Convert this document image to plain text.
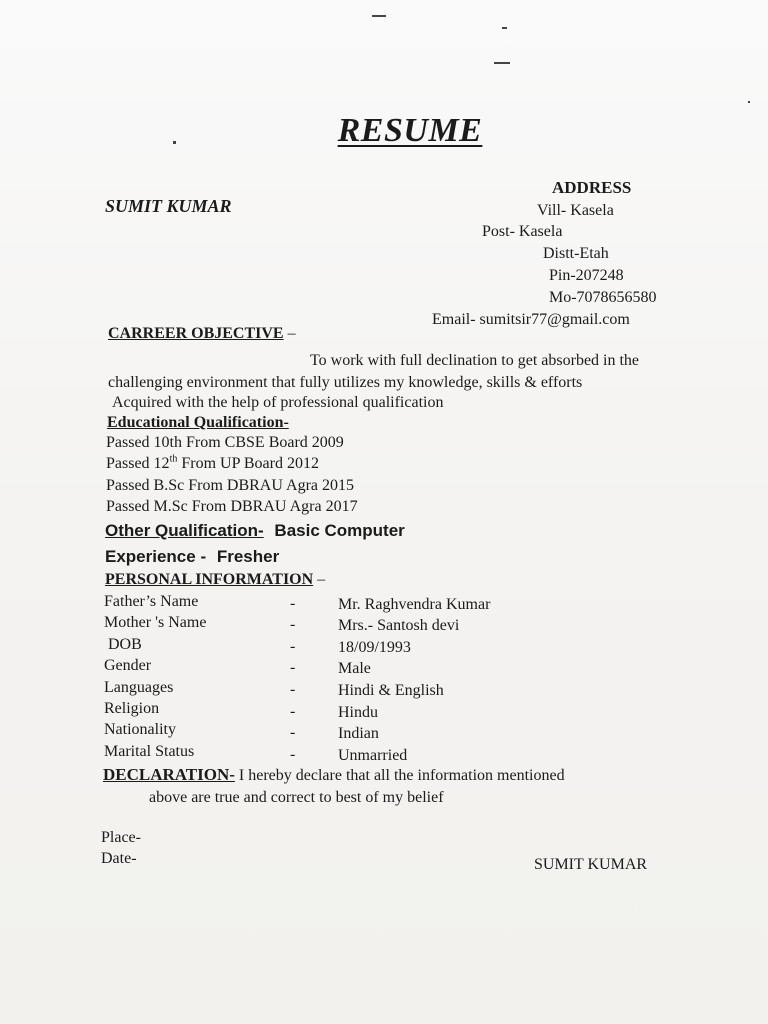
RESUME
SUMIT KUMAR
ADDRESS
Vill- Kasela
Post- Kasela
Distt-Etah
Pin-207248
Mo-7078656580
Email- sumitsir77@gmail.com
CARREER OBJECTIVE –
To work with full declination to get absorbed in the
challenging environment that fully utilizes my knowledge, skills & efforts
Acquired with the help of professional qualification
Educational Qualification-
Passed 10th From CBSE Board 2009
Passed 12th From UP Board 2012
Passed B.Sc From DBRAU Agra 2015
Passed M.Sc From DBRAU Agra 2017
Other Qualification- Basic Computer
Experience - Fresher
PERSONAL INFORMATION –
Father’s Name	-	Mr. Raghvendra Kumar
Mother 's Name	-	Mrs.- Santosh devi
DOB	-	18/09/1993
Gender	-	Male
Languages	-	Hindi & English
Religion	-	Hindu
Nationality	-	Indian
Marital Status	-	Unmarried
DECLARATION- I hereby declare that all the information mentioned
above are true and correct to best of my belief
Place-
Date-	SUMIT KUMAR
